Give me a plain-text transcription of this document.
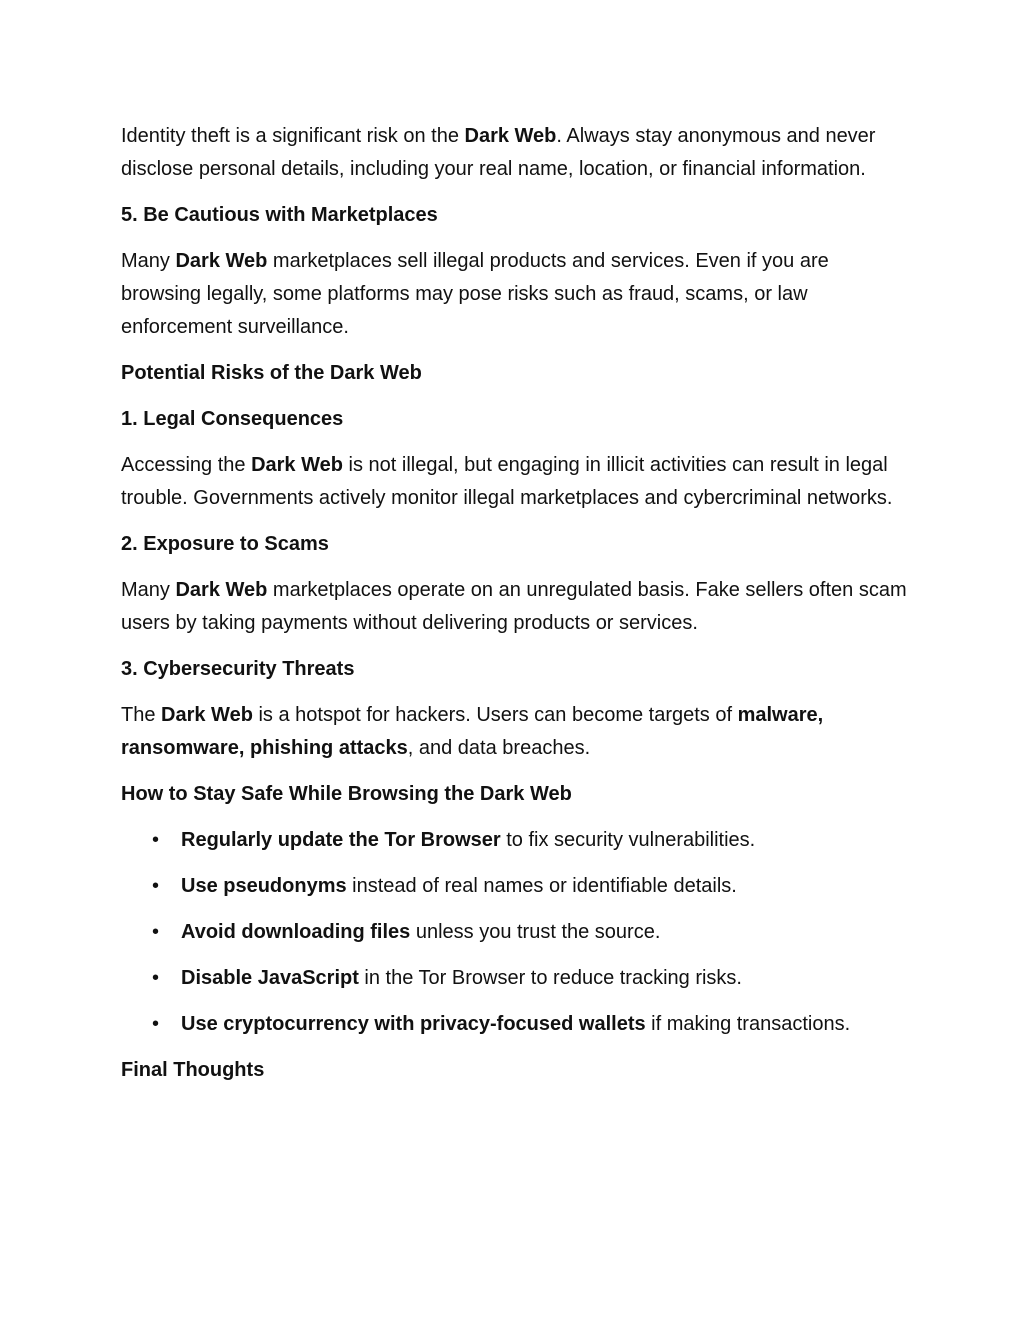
Identity theft is a significant risk on the Dark Web. Always stay anonymous and never disclose personal details, including your real name, location, or financial information.

5. Be Cautious with Marketplaces

Many Dark Web marketplaces sell illegal products and services. Even if you are browsing legally, some platforms may pose risks such as fraud, scams, or law enforcement surveillance.

Potential Risks of the Dark Web

1. Legal Consequences

Accessing the Dark Web is not illegal, but engaging in illicit activities can result in legal trouble. Governments actively monitor illegal marketplaces and cybercriminal networks.

2. Exposure to Scams

Many Dark Web marketplaces operate on an unregulated basis. Fake sellers often scam users by taking payments without delivering products or services.

3. Cybersecurity Threats

The Dark Web is a hotspot for hackers. Users can become targets of malware, ransomware, phishing attacks, and data breaches.

How to Stay Safe While Browsing the Dark Web

• Regularly update the Tor Browser to fix security vulnerabilities.
• Use pseudonyms instead of real names or identifiable details.
• Avoid downloading files unless you trust the source.
• Disable JavaScript in the Tor Browser to reduce tracking risks.
• Use cryptocurrency with privacy-focused wallets if making transactions.

Final Thoughts
